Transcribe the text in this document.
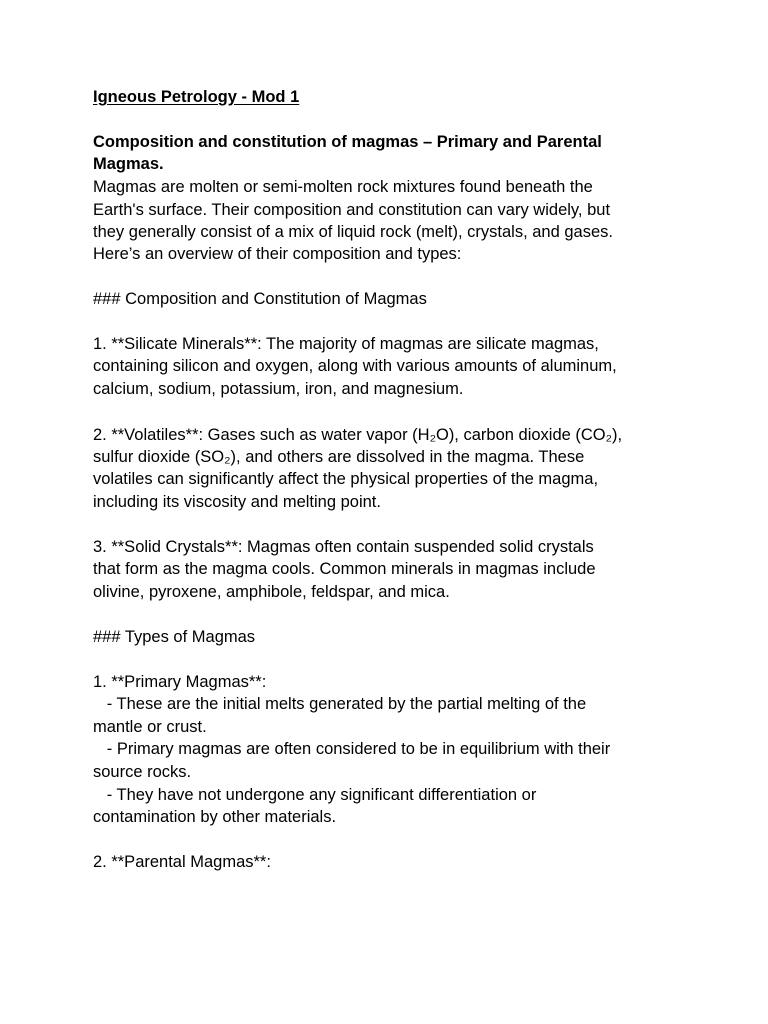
Igneous Petrology - Mod 1
Composition and constitution of magmas – Primary and Parental
Magmas.
Magmas are molten or semi-molten rock mixtures found beneath the
Earth's surface. Their composition and constitution can vary widely, but
they generally consist of a mix of liquid rock (melt), crystals, and gases.
Here’s an overview of their composition and types:
### Composition and Constitution of Magmas
1. **Silicate Minerals**: The majority of magmas are silicate magmas,
containing silicon and oxygen, along with various amounts of aluminum,
calcium, sodium, potassium, iron, and magnesium.
2. **Volatiles**: Gases such as water vapor (H₂O), carbon dioxide (CO₂),
sulfur dioxide (SO₂), and others are dissolved in the magma. These
volatiles can significantly affect the physical properties of the magma,
including its viscosity and melting point.
3. **Solid Crystals**: Magmas often contain suspended solid crystals
that form as the magma cools. Common minerals in magmas include
olivine, pyroxene, amphibole, feldspar, and mica.
### Types of Magmas
1. **Primary Magmas**:
- These are the initial melts generated by the partial melting of the
mantle or crust.
- Primary magmas are often considered to be in equilibrium with their
source rocks.
- They have not undergone any significant differentiation or
contamination by other materials.
2. **Parental Magmas**:
